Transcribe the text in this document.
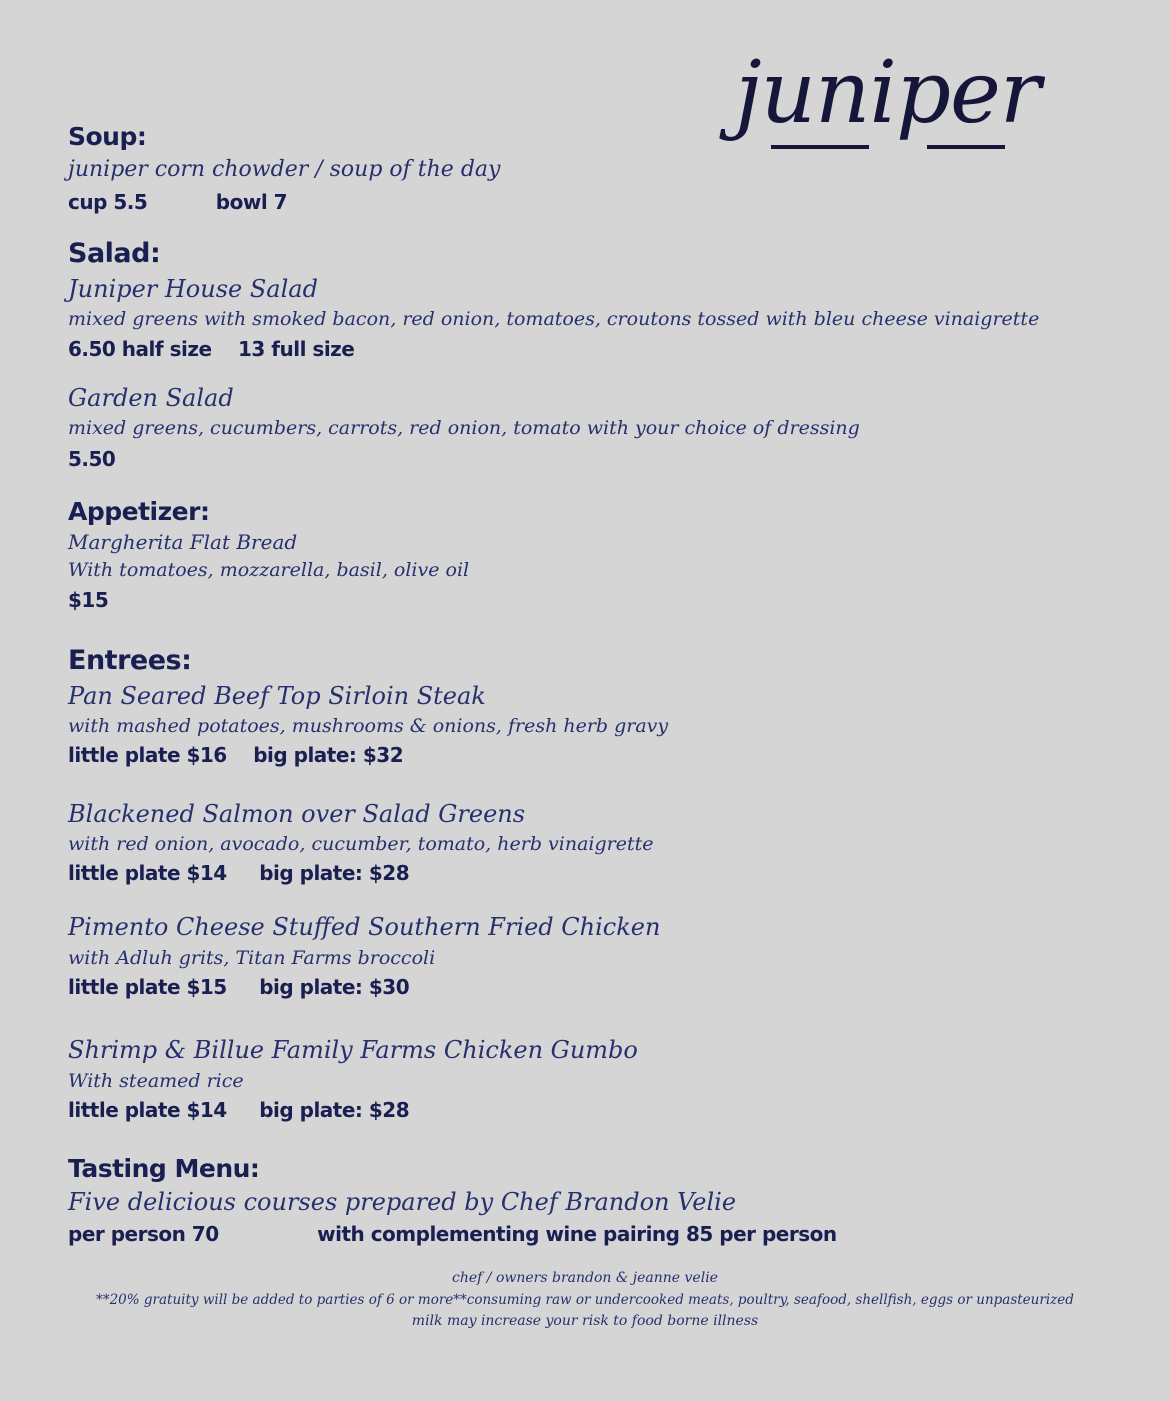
juniper
Soup:
juniper corn chowder / soup of the day
cup 5.5	bowl 7
Salad:
Juniper House Salad
mixed greens with smoked bacon, red onion, tomatoes, croutons tossed with bleu cheese vinaigrette
6.50 half size 13 full size
Garden Salad
mixed greens, cucumbers, carrots, red onion, tomato with your choice of dressing
5.50
Appetizer:
Margherita Flat Bread
With tomatoes, mozzarella, basil, olive oil
$15
Entrees:
Pan Seared Beef Top Sirloin Steak
with mashed potatoes, mushrooms & onions, fresh herb gravy
little plate $16 big plate: $32
Blackened Salmon over Salad Greens
with red onion, avocado, cucumber, tomato, herb vinaigrette
little plate $14 big plate: $28
Pimento Cheese Stuffed Southern Fried Chicken
with Adluh grits, Titan Farms broccoli
little plate $15 big plate: $30
Shrimp & Billue Family Farms Chicken Gumbo
With steamed rice
little plate $14 big plate: $28
Tasting Menu:
Five delicious courses prepared by Chef Brandon Velie
per person 70	with complementing wine pairing 85 per person
chef / owners brandon & jeanne velie
**20% gratuity will be added to parties of 6 or more**consuming raw or undercooked meats, poultry, seafood, shellfish, eggs or unpasteurized
milk may increase your risk to food borne illness
